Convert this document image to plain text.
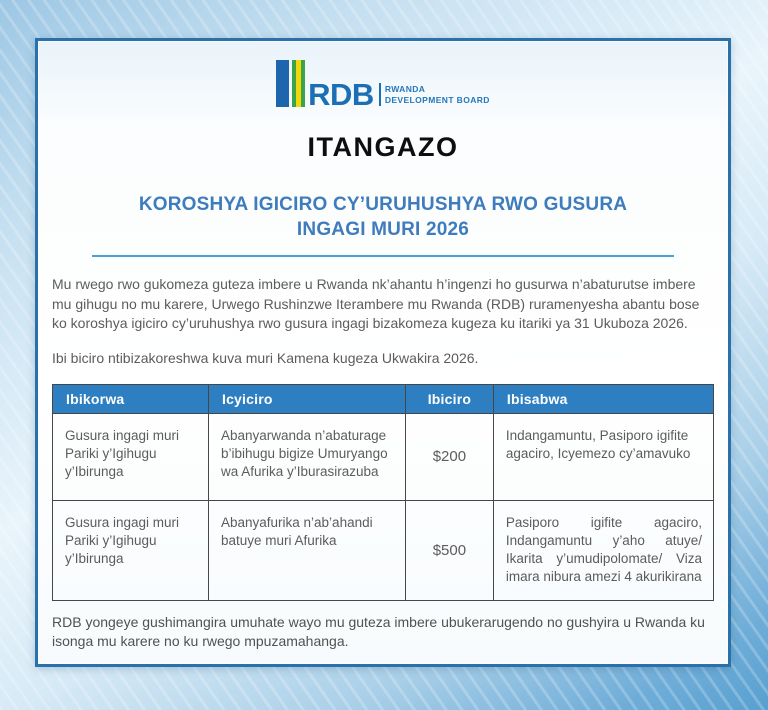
RDB RWANDA
DEVELOPMENT BOARD
ITANGAZO
KOROSHYA IGICIRO CY’URUHUSHYA RWO GUSURA INGAGI MURI 2026

Mu rwego rwo gukomeza guteza imbere u Rwanda nk’ahantu h’ingenzi ho gusurwa n’abaturutse imbere mu gihugu no mu karere, Urwego Rushinzwe Iterambere mu Rwanda (RDB) ruramenyesha abantu bose ko koroshya igiciro cy’uruhushya rwo gusura ingagi bizakomeza kugeza ku itariki ya 31 Ukuboza 2026.

Ibi biciro ntibizakoreshwa kuva muri Kamena kugeza Ukwakira 2026.

Ibikorwa	Icyiciro	Ibiciro	Ibisabwa
Gusura ingagi muri Pariki y’Igihugu y’Ibirunga	Abanyarwanda n’abaturage b’ibihugu bigize Umuryango wa Afurika y’Iburasirazuba	$200	Indangamuntu, Pasiporo igifite agaciro, Icyemezo cy’amavuko
Gusura ingagi muri Pariki y’Igihugu y’Ibirunga	Abanyafurika n’ab’ahandi batuye muri Afurika	$500	Pasiporo igifite agaciro, Indangamuntu y’aho atuye/ Ikarita y’umudipolomate/ Viza imara nibura amezi 4 akurikirana

RDB yongeye gushimangira umuhate wayo mu guteza imbere ubukerarugendo no gushyira u Rwanda ku isonga mu karere no ku rwego mpuzamahanga.
